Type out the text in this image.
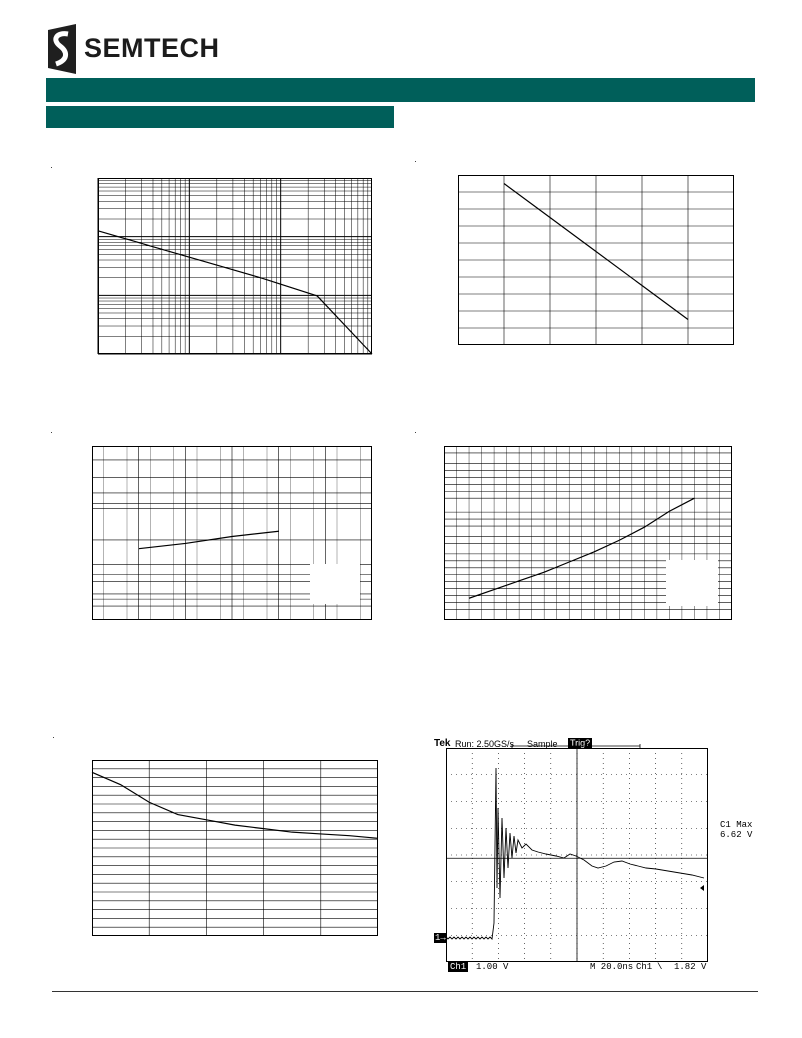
SEMTECH
·
·
·	·
·
Tek Run: 2.50GS/s Sample Trig?
C1 Max
6.62 V
1→
Ch1 1.00 V	M 20.0ns Ch1 \ 1.82 V
